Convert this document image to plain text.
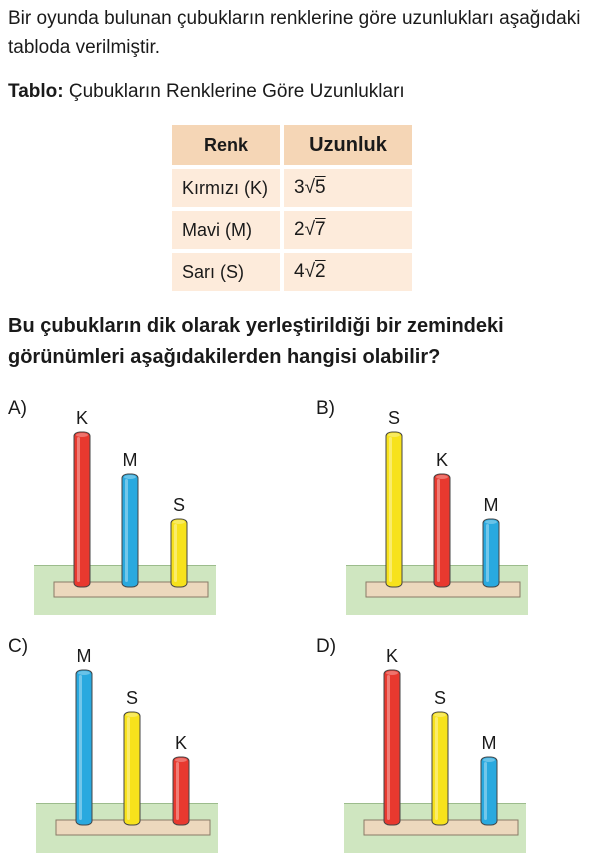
Bir oyunda bulunan çubukların renklerine göre uzunlukları aşağıdaki tabloda verilmiştir.
Tablo: Çubukların Renklerine Göre Uzunlukları
Renk	Uzunluk
Kırmızı (K)	3√5
Mavi (M)	2√7
Sarı (S)	4√2
Bu çubukların dik olarak yerleştirildiği bir zemindeki görünümleri aşağıdakilerden hangisi olabilir?
A)	B)
C)	D)
K
M
S
S
K
M
M
S
K
K
S
M
